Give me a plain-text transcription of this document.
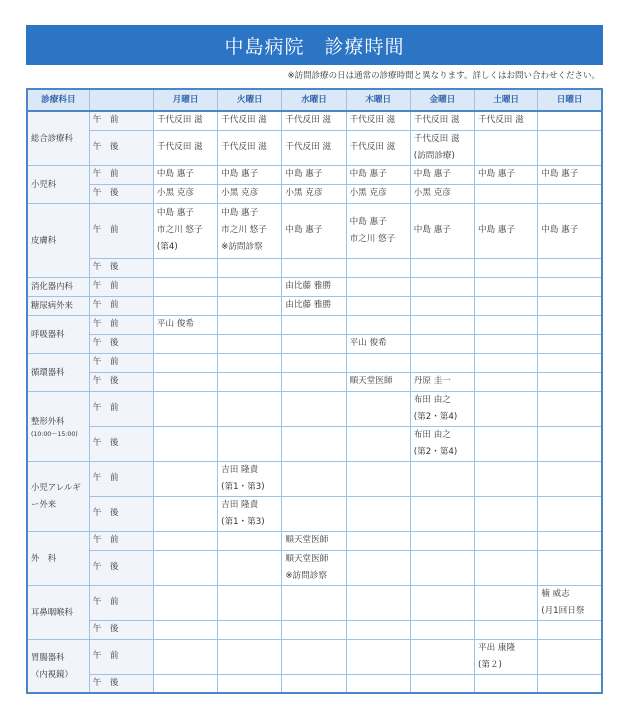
中島病院　診療時間
※訪問診療の日は通常の診療時間と異なります。詳しくはお問い合わせください。
診療科目		月曜日	火曜日	水曜日	木曜日	金曜日	土曜日	日曜日
総合診療科	午　前	千代反田 滋	千代反田 滋	千代反田 滋	千代反田 滋	千代反田 滋	千代反田 滋	

	午　後	千代反田 滋	千代反田 滋	千代反田 滋	千代反田 滋	千代反田 滋
(訪問診療)		

小児科	午　前	中島 惠子	中島 惠子	中島 惠子	中島 惠子	中島 惠子	中島 惠子	中島 惠子

	午　後	小黑 克彦	小黑 克彦	小黑 克彦	小黑 克彦	小黑 克彦		

皮膚科	午　前	中島 惠子
市之川 悠子
(第4)	中島 惠子
市之川 悠子
※訪問診察	中島 惠子	中島 惠子
市之川 悠子	中島 惠子	中島 惠子	中島 惠子

	午　後							
消化器内科	午　前			由比藤 雅勝				

糖尿病外来	午　前			由比藤 雅勝				

呼吸器科	午　前	平山 俊希						

	午　後				平山 俊希			

循環器科	午　前							
	午　後				順天堂医師	丹原 圭一		

整形外科
(10:00～15:00)	午　前					布田 由之
(第2・第4)		

	午　後					布田 由之
(第2・第4)		

小児アレルギー外来	午　前		吉田 隆責
(第1・第3)					

	午　後		吉田 隆責
(第1・第3)					

外　科	午　前			順天堂医師				

	午　後			順天堂医師
※訪問診察				

耳鼻咽喉科	午　前							楠 威志
(月1回日祭

	午　後							
胃腸器科
（内視鏡）	午　前						平出 康隆
(第２)	

	午　後							
